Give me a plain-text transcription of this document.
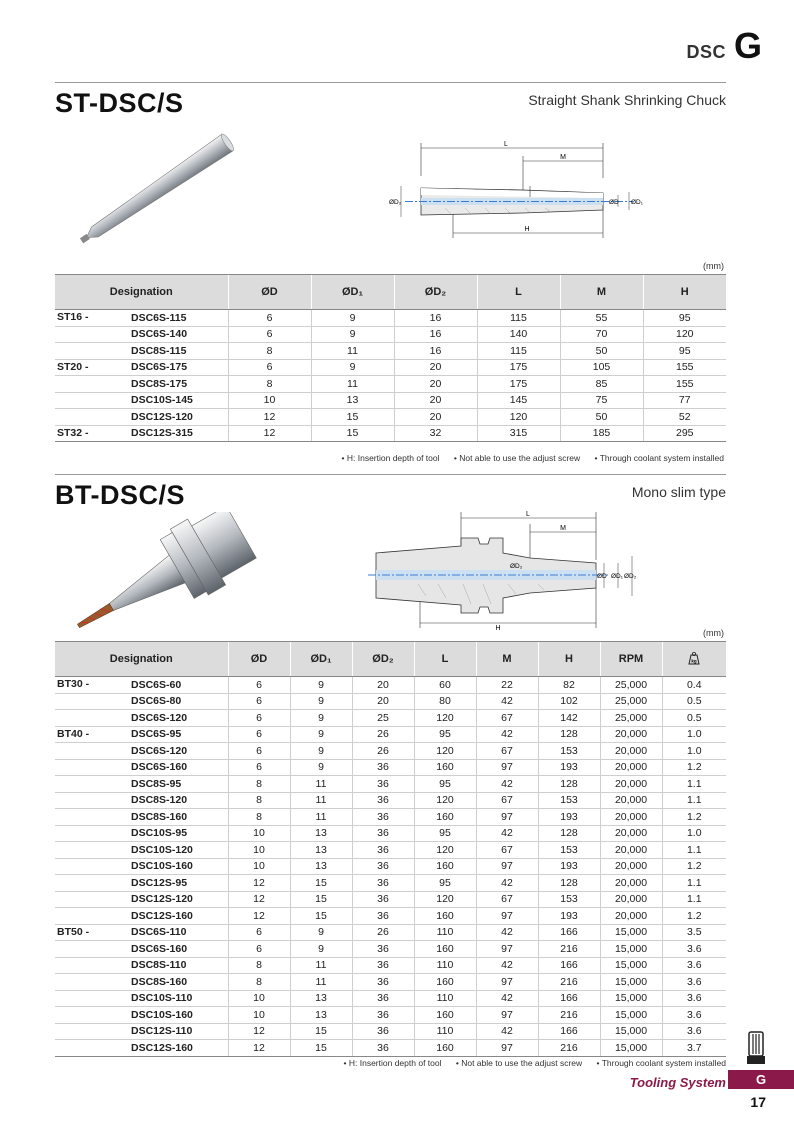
DSC G
ST-DSC/S	Straight Shank Shrinking Chuck
L
M
H
ØD₂	ØD ØD₁
(mm)
Designation	ØD	ØD₁	ØD₂	L	M	H

ST16 - DSC6S-115	6	9	16	115	55	95
DSC6S-140	6	9	16	140	70	120
DSC8S-115	8	11	16	115	50	95

ST20 - DSC6S-175	6	9	20	175	105	155
DSC8S-175	8	11	20	175	85	155
DSC10S-145	10	13	20	145	75	77
DSC12S-120	12	15	20	120	50	52

ST32 - DSC12S-315	12	15	32	315	185	295
• H: Insertion depth of tool • Not able to use the adjust screw • Through coolant system installed
BT-DSC/S	Mono slim type
L
M
H
ØD₂
ØD ØD₁ ØD₂
(mm)
Designation	ØD	ØD₁	ØD₂	L	M	H	RPM	kg

BT30 - DSC6S-60	6	9	20	60	22	82	25,000	0.4
DSC6S-80	6	9	20	80	42	102	25,000	0.5
DSC6S-120	6	9	25	120	67	142	25,000	0.5

BT40 - DSC6S-95	6	9	26	95	42	128	20,000	1.0
DSC6S-120	6	9	26	120	67	153	20,000	1.0
DSC6S-160	6	9	36	160	97	193	20,000	1.2
DSC8S-95	8	11	36	95	42	128	20,000	1.1
DSC8S-120	8	11	36	120	67	153	20,000	1.1
DSC8S-160	8	11	36	160	97	193	20,000	1.2
DSC10S-95	10	13	36	95	42	128	20,000	1.0
DSC10S-120	10	13	36	120	67	153	20,000	1.1
DSC10S-160	10	13	36	160	97	193	20,000	1.2
DSC12S-95	12	15	36	95	42	128	20,000	1.1
DSC12S-120	12	15	36	120	67	153	20,000	1.1
DSC12S-160	12	15	36	160	97	193	20,000	1.2

BT50 - DSC6S-110	6	9	26	110	42	166	15,000	3.5
DSC6S-160	6	9	36	160	97	216	15,000	3.6
DSC8S-110	8	11	36	110	42	166	15,000	3.6
DSC8S-160	8	11	36	160	97	216	15,000	3.6
DSC10S-110	10	13	36	110	42	166	15,000	3.6
DSC10S-160	10	13	36	160	97	216	15,000	3.6
DSC12S-110	12	15	36	110	42	166	15,000	3.6
DSC12S-160	12	15	36	160	97	216	15,000	3.7
• H: Insertion depth of tool • Not able to use the adjust screw • Through coolant system installed
Tooling System	G
17
